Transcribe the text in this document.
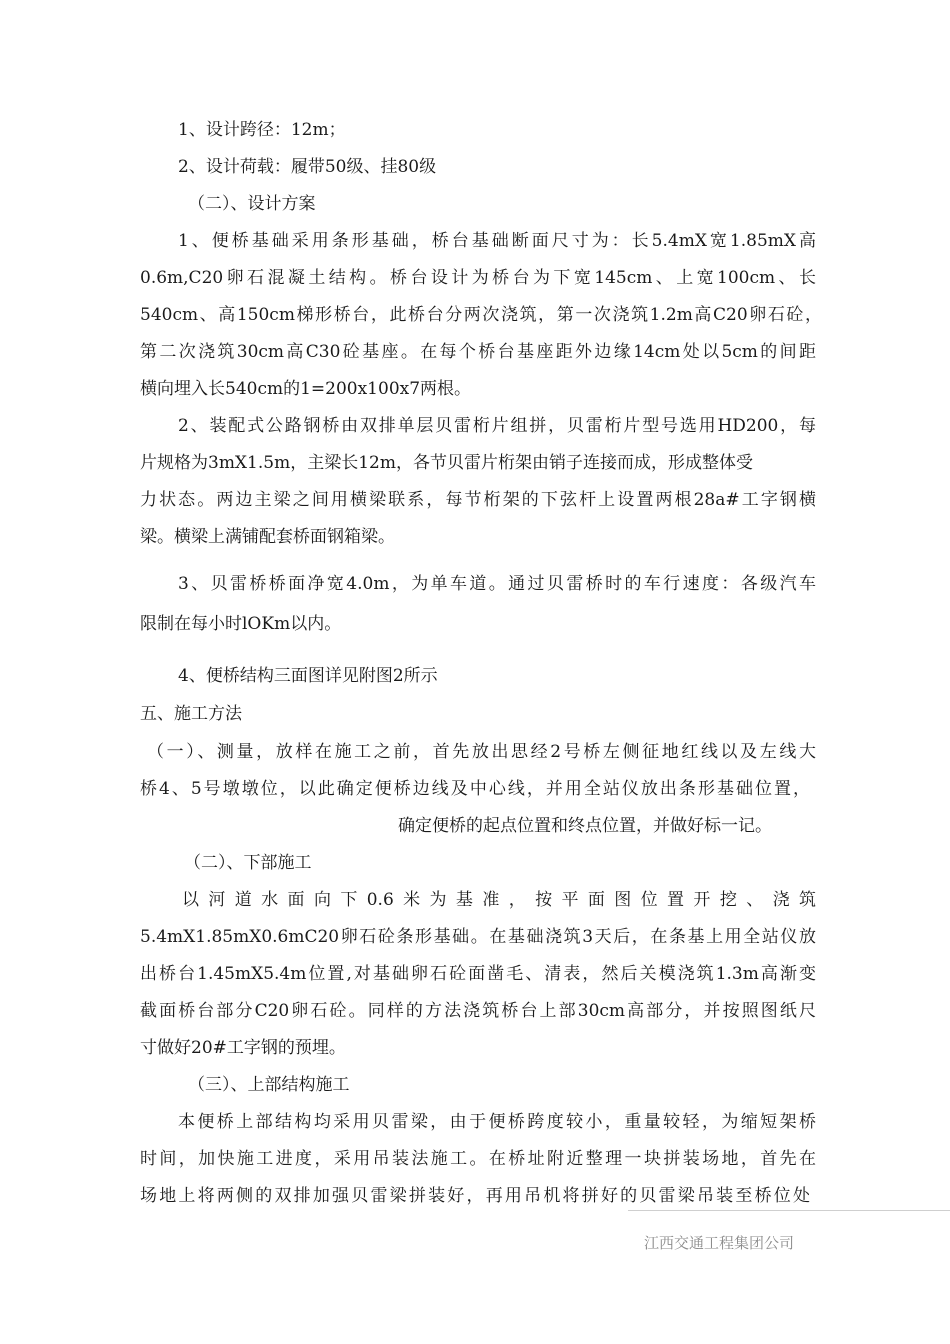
1、设计跨径：12m；

2、设计荷载：履带50级、挂80级

（二）、设计方案

1、便桥基础采用条形基础，桥台基础断面尺寸为：长5.4mX宽1.85mX高

0.6m,C20卵石混凝土结构。桥台设计为桥台为下宽145cm、上宽100cm、长

540cm、高150cm梯形桥台，此桥台分两次浇筑，第一次浇筑1.2m高C20卵石砼，

第二次浇筑30cm高C30砼基座。在每个桥台基座距外边缘14cm处以5cm的间距

横向埋入长540cm的1=200x100x7两根。

2、装配式公路钢桥由双排单层贝雷桁片组拼，贝雷桁片型号选用HD200，每

片规格为3mX1.5m，主梁长12m，各节贝雷片桁架由销子连接而成，形成整体受

力状态。两边主梁之间用横梁联系，每节桁架的下弦杆上设置两根28a#工字钢横

梁。横梁上满铺配套桥面钢箱梁。

3、贝雷桥桥面净宽4.0m，为单车道。通过贝雷桥时的车行速度：各级汽车

限制在每小时lOKm以内。

4、便桥结构三面图详见附图2所示

五、施工方法

（一）、测量，放样在施工之前，首先放出思经2号桥左侧征地红线以及左线大

桥4、5号墩墩位，以此确定便桥边线及中心线，并用全站仪放出条形基础位置，

确定便桥的起点位置和终点位置，并做好标一记。

（二）、下部施工

以河道水面向下0.6米为基准，按平面图位置开挖、浇筑

5.4mX1.85mX0.6mC20卵石砼条形基础。在基础浇筑3天后，在条基上用全站仪放

出桥台1.45mX5.4m位置,对基础卵石砼面凿毛、清表，然后关模浇筑1.3m高渐变

截面桥台部分C20卵石砼。同样的方法浇筑桥台上部30cm高部分，并按照图纸尺

寸做好20#工字钢的预埋。

（三）、上部结构施工

本便桥上部结构均采用贝雷梁，由于便桥跨度较小，重量较轻，为缩短架桥

时间，加快施工进度，采用吊装法施工。在桥址附近整理一块拼装场地，首先在

场地上将两侧的双排加强贝雷梁拼装好，再用吊机将拼好的贝雷梁吊装至桥位处

江西交通工程集团公司
